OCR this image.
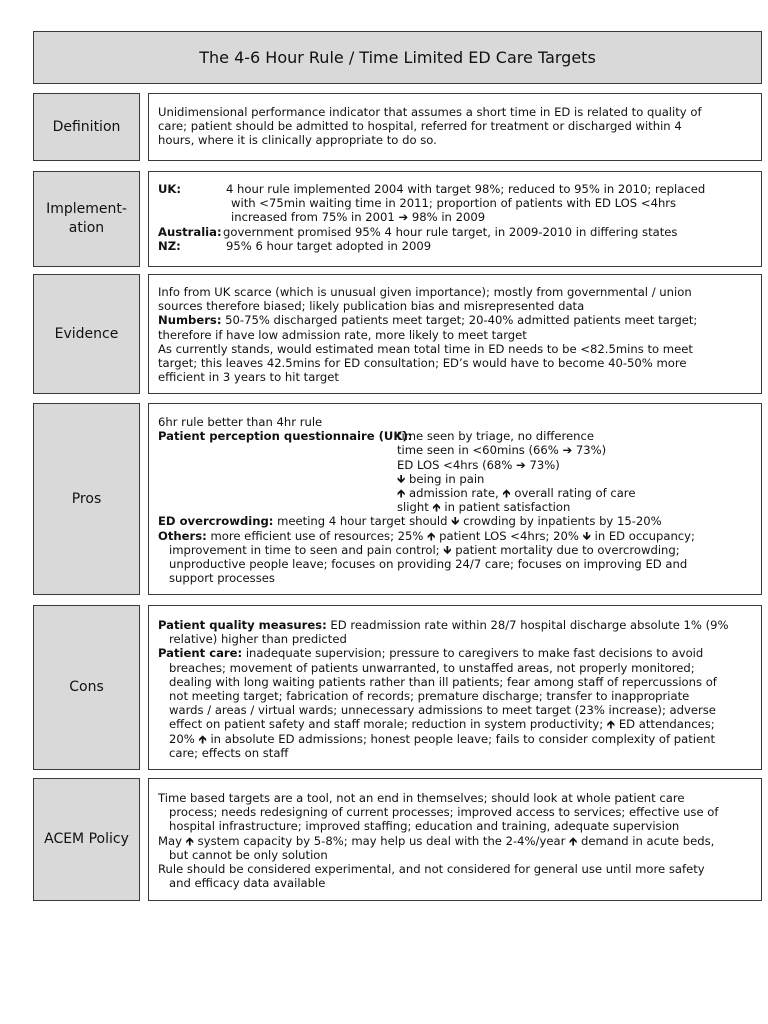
The 4-6 Hour Rule / Time Limited ED Care Targets
Definition
Unidimensional performance indicator that assumes a short time in ED is related to quality of
care; patient should be admitted to hospital, referred for treatment or discharged within 4
hours, where it is clinically appropriate to do so.
Implement-
ation
UK:	4 hour rule implemented 2004 with target 98%; reduced to 95% in 2010; replaced
with <75min waiting time in 2011; proportion of patients with ED LOS <4hrs
increased from 75% in 2001 ➔ 98% in 2009
Australia:government promised 95% 4 hour rule target, in 2009-2010 in differing states
NZ:	95% 6 hour target adopted in 2009
Evidence
Info from UK scarce (which is unusual given importance); mostly from governmental / union
sources therefore biased; likely publication bias and misrepresented data
Numbers: 50-75% discharged patients meet target; 20-40% admitted patients meet target;
therefore if have low admission rate, more likely to meet target
As currently stands, would estimated mean total time in ED needs to be <82.5mins to meet
target; this leaves 42.5mins for ED consultation; ED’s would have to become 40-50% more
efficient in 3 years to hit target
Pros
6hr rule better than 4hr rule
Patient perception questionnaire (UK):time seen by triage, no difference
time seen in <60mins (66% ➔ 73%)
ED LOS <4hrs (68% ➔ 73%)
🡻 being in pain
🡹 admission rate, 🡹 overall rating of care
slight 🡹 in patient satisfaction
ED overcrowding: meeting 4 hour target should 🡻 crowding by inpatients by 15-20%
Others: more efficient use of resources; 25% 🡹 patient LOS <4hrs; 20% 🡻 in ED occupancy;
improvement in time to seen and pain control; 🡻 patient mortality due to overcrowding;
unproductive people leave; focuses on providing 24/7 care; focuses on improving ED and
support processes
Cons
Patient quality measures: ED readmission rate within 28/7 hospital discharge absolute 1% (9%
relative) higher than predicted
Patient care: inadequate supervision; pressure to caregivers to make fast decisions to avoid
breaches; movement of patients unwarranted, to unstaffed areas, not properly monitored;
dealing with long waiting patients rather than ill patients; fear among staff of repercussions of
not meeting target; fabrication of records; premature discharge; transfer to inappropriate
wards / areas / virtual wards; unnecessary admissions to meet target (23% increase); adverse
effect on patient safety and staff morale; reduction in system productivity; 🡹 ED attendances;
20% 🡹 in absolute ED admissions; honest people leave; fails to consider complexity of patient
care; effects on staff
ACEM Policy
Time based targets are a tool, not an end in themselves; should look at whole patient care
process; needs redesigning of current processes; improved access to services; effective use of
hospital infrastructure; improved staffing; education and training, adequate supervision
May 🡹 system capacity by 5-8%; may help us deal with the 2-4%/year 🡹 demand in acute beds,
but cannot be only solution
Rule should be considered experimental, and not considered for general use until more safety
and efficacy data available
